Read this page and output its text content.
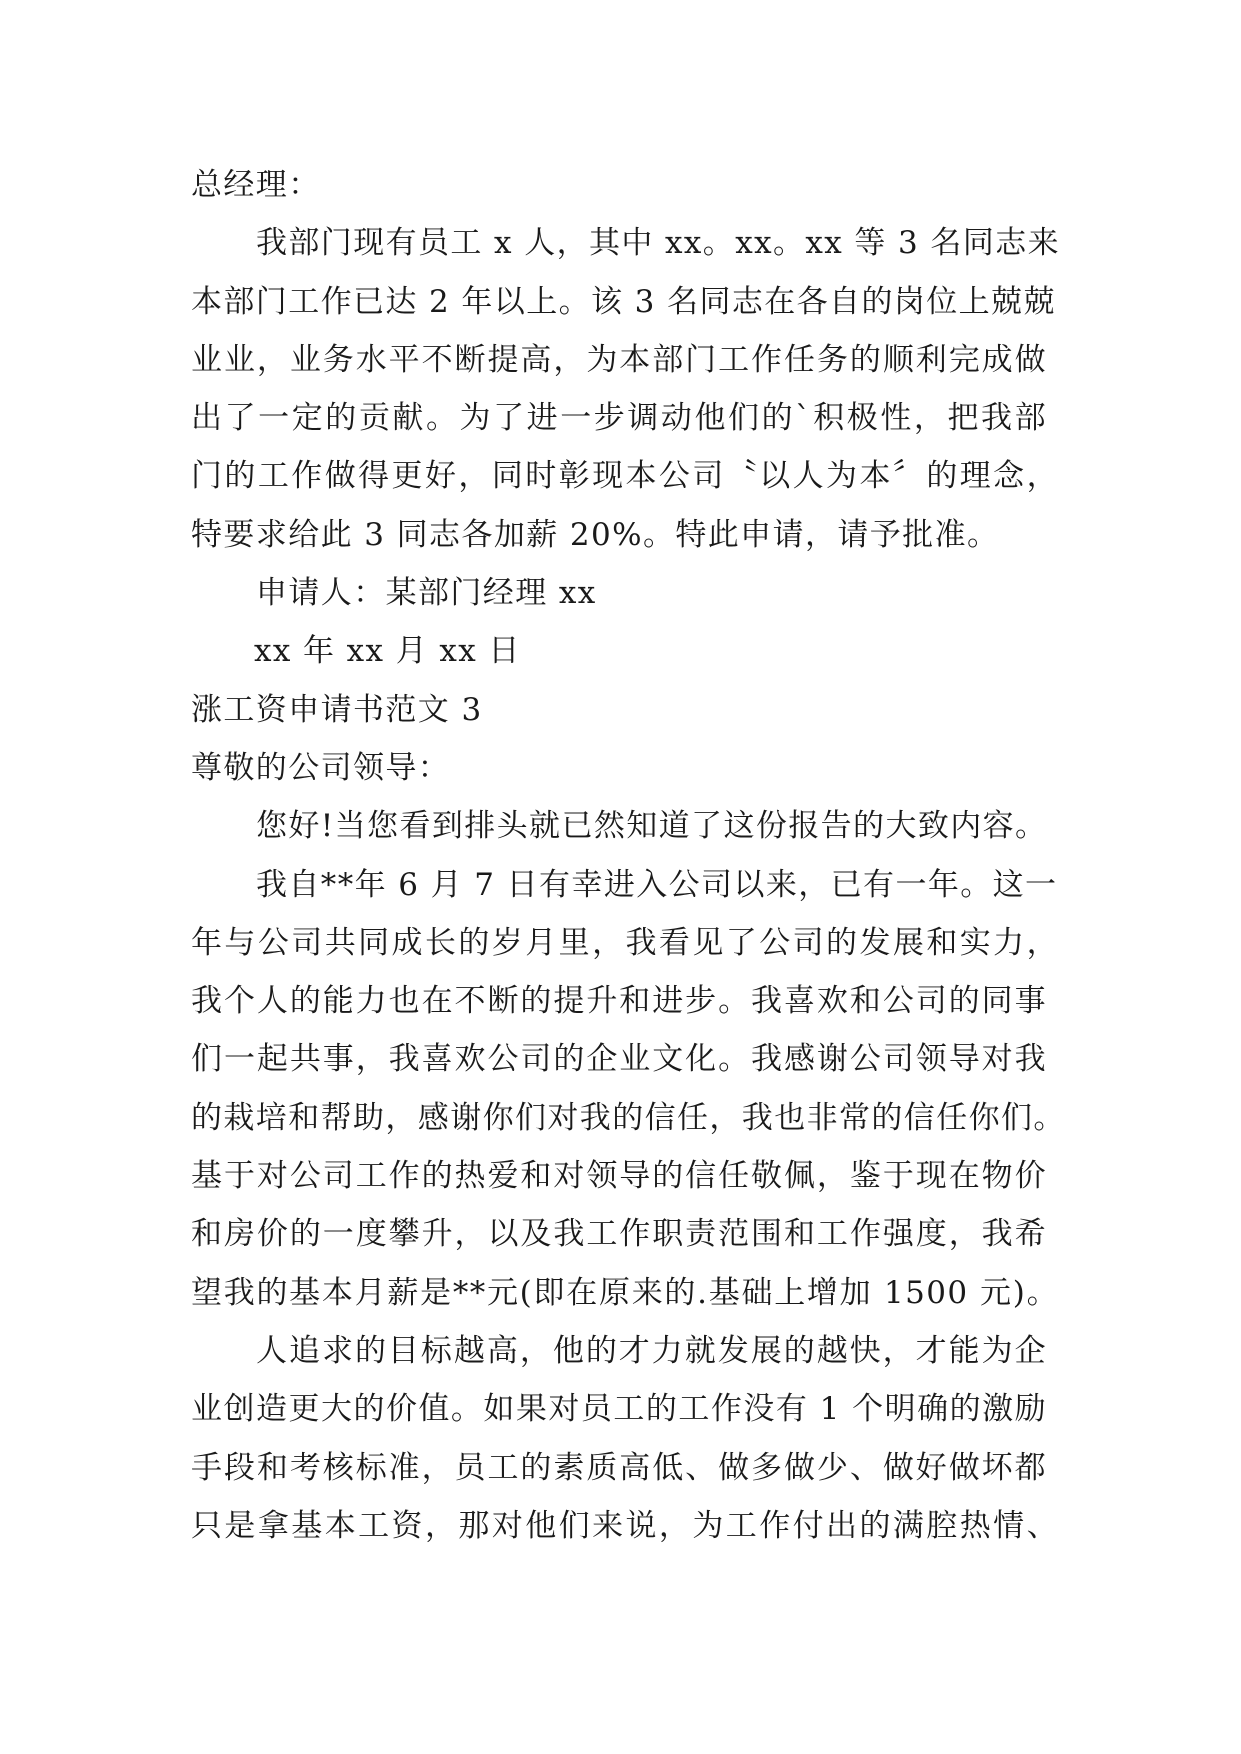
总经理：
我部门现有员工 x 人，其中 xx。xx。xx 等 3 名同志来
本部门工作已达 2 年以上。该 3 名同志在各自的岗位上兢兢
业业，业务水平不断提高，为本部门工作任务的顺利完成做
出了一定的贡献。为了进一步调动他们的`积极性，把我部
门的工作做得更好，同时彰现本公司〝以人为本〞的理念，
特要求给此 3 同志各加薪 20%。特此申请，请予批准。
申请人：某部门经理 xx
xx 年 xx 月 xx 日
涨工资申请书范文 3
尊敬的公司领导：
您好!当您看到排头就已然知道了这份报告的大致内容。
我自**年 6 月 7 日有幸进入公司以来，已有一年。这一
年与公司共同成长的岁月里，我看见了公司的发展和实力，
我个人的能力也在不断的提升和进步。我喜欢和公司的同事
们一起共事，我喜欢公司的企业文化。我感谢公司领导对我
的栽培和帮助，感谢你们对我的信任，我也非常的信任你们。
基于对公司工作的热爱和对领导的信任敬佩，鉴于现在物价
和房价的一度攀升，以及我工作职责范围和工作强度，我希
望我的基本月薪是**元(即在原来的.基础上增加 1500 元)。
人追求的目标越高，他的才力就发展的越快，才能为企
业创造更大的价值。如果对员工的工作没有 1 个明确的激励
手段和考核标准，员工的素质高低、做多做少、做好做坏都
只是拿基本工资，那对他们来说，为工作付出的满腔热情、
